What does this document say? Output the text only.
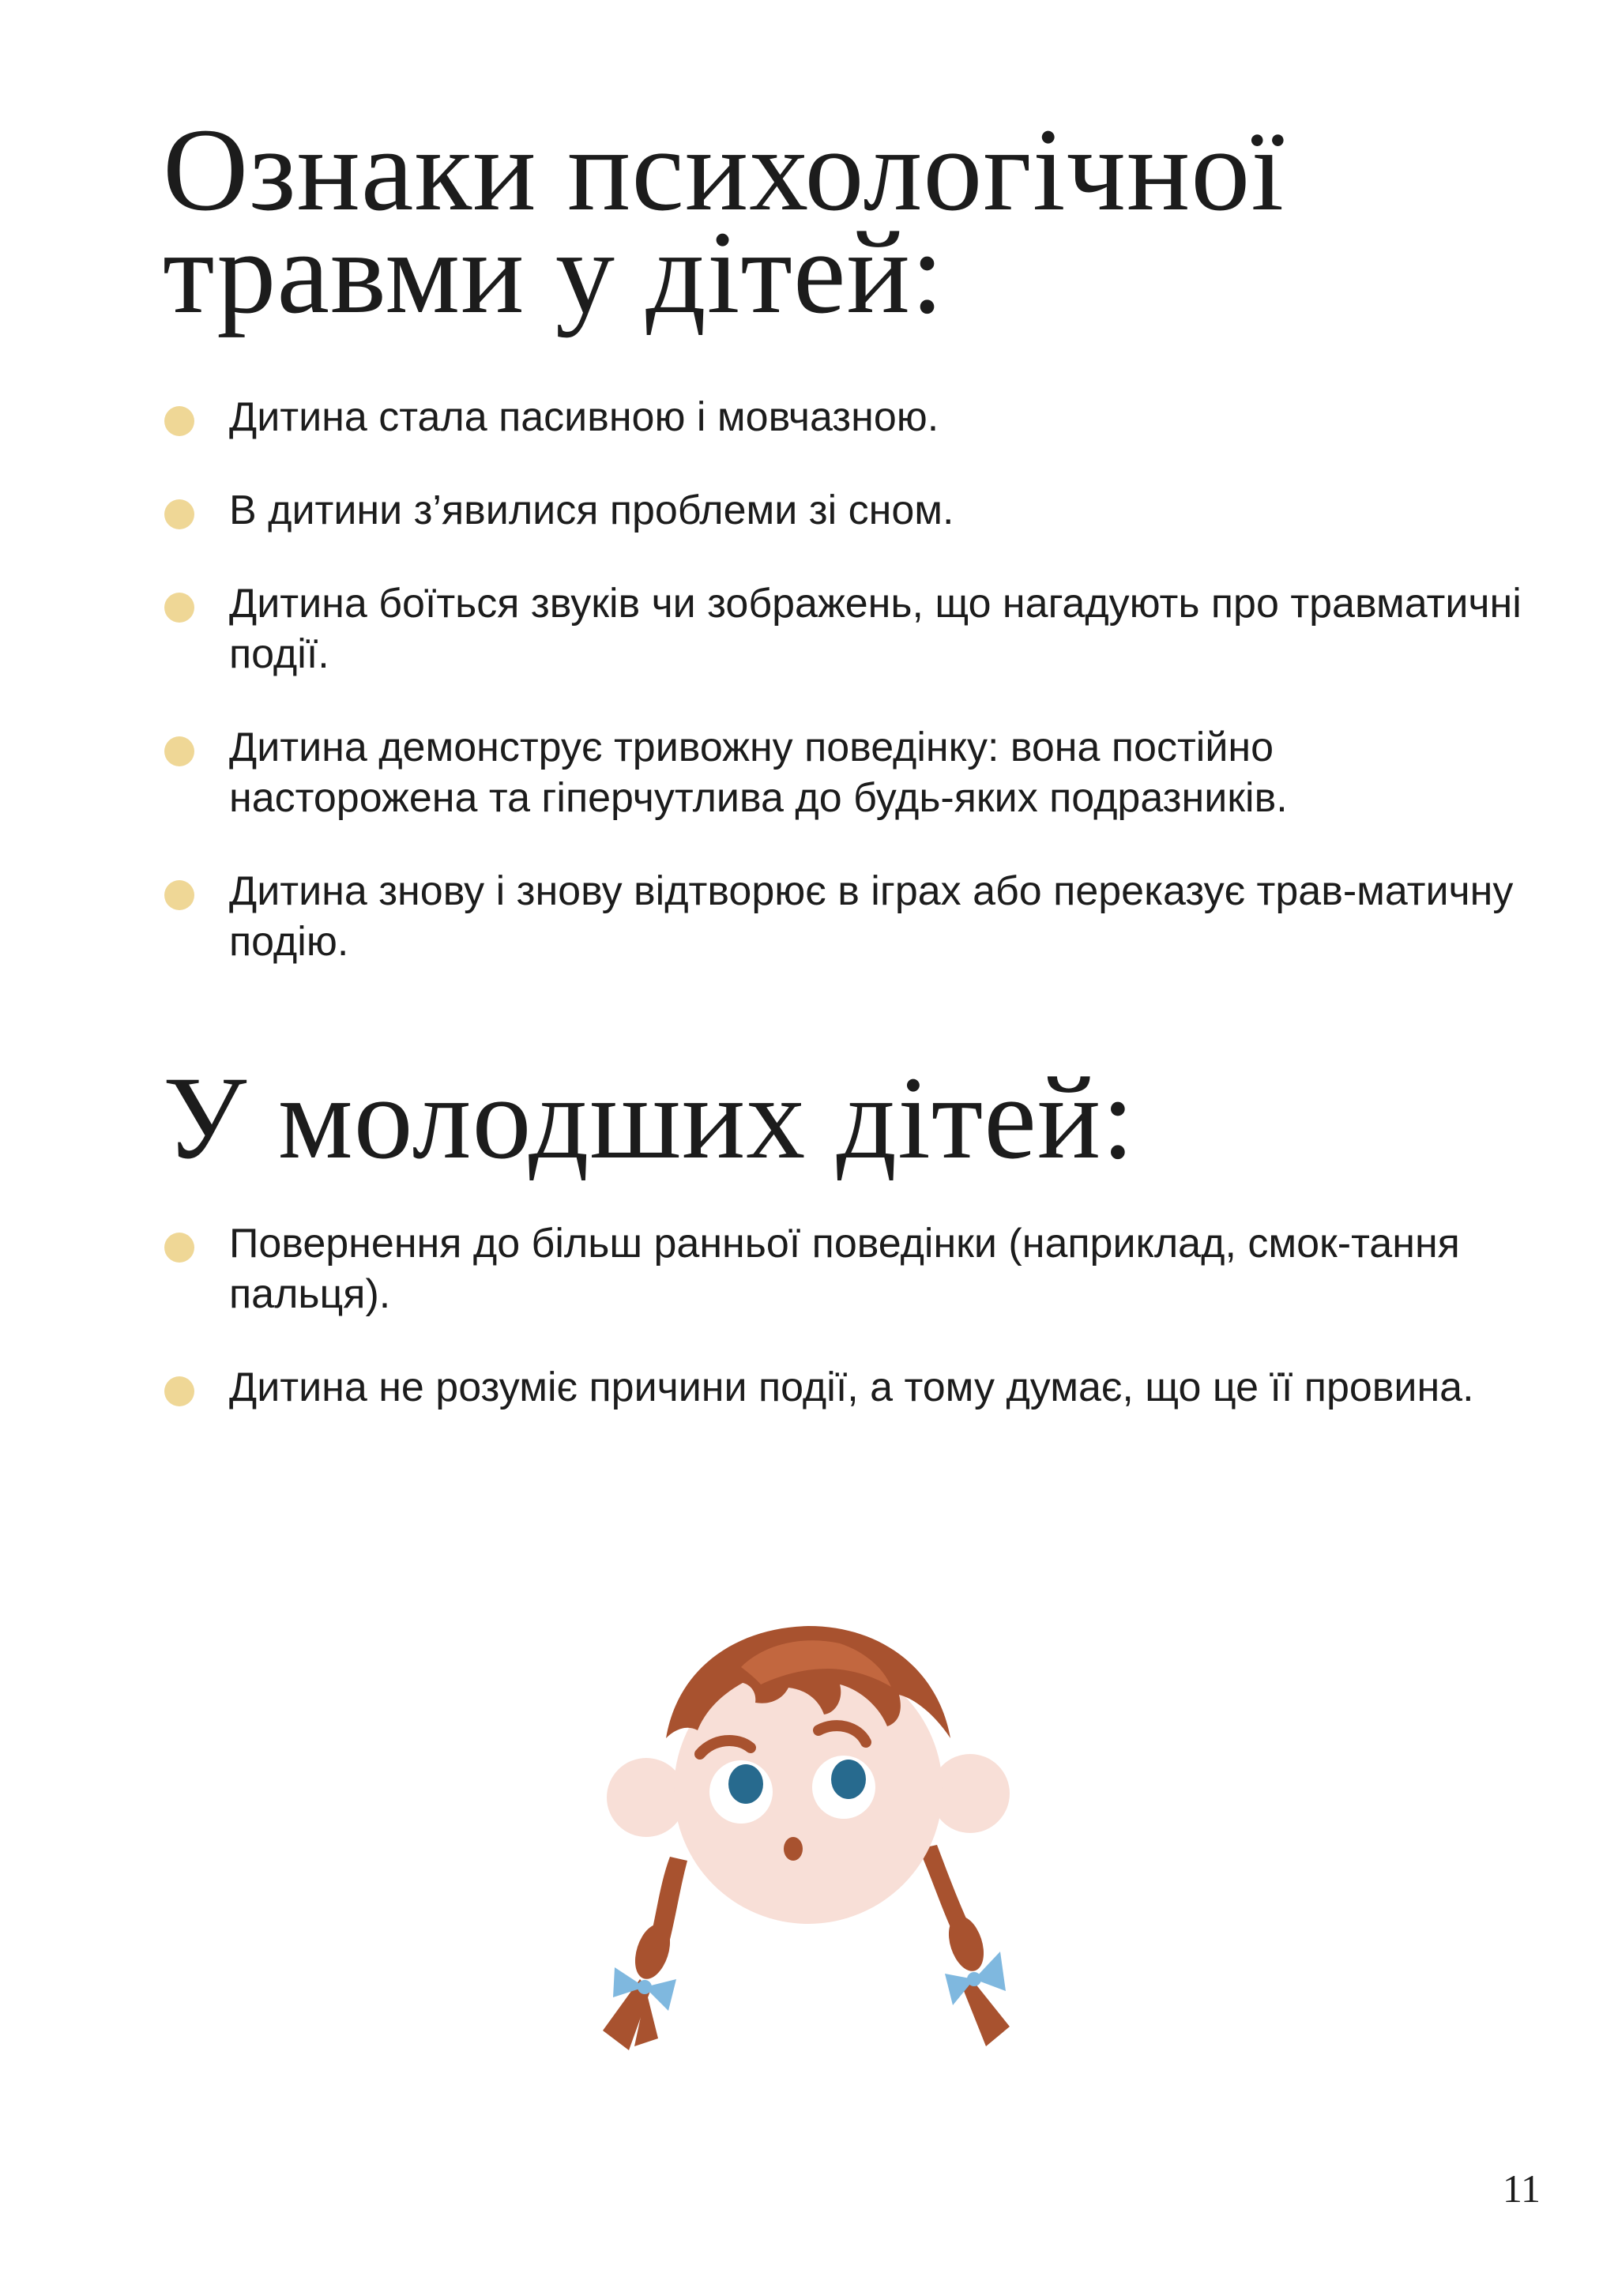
Ознаки психологічної травми у дітей:
Дитина стала пасивною і мовчазною.
В дитини з’явилися проблеми зі сном.
Дитина боїться звуків чи зображень, що нагадують про травматичні події.
Дитина демонструє тривожну поведінку: вона постійно насторожена та гіперчутлива до будь-яких подразників.
Дитина знову і знову відтворює в іграх або переказує трав-матичну подію.
У молодших дітей:
Повернення до більш ранньої поведінки (наприклад, смок-тання пальця).
Дитина не розуміє причини події, а тому думає, що це її провина.
11
